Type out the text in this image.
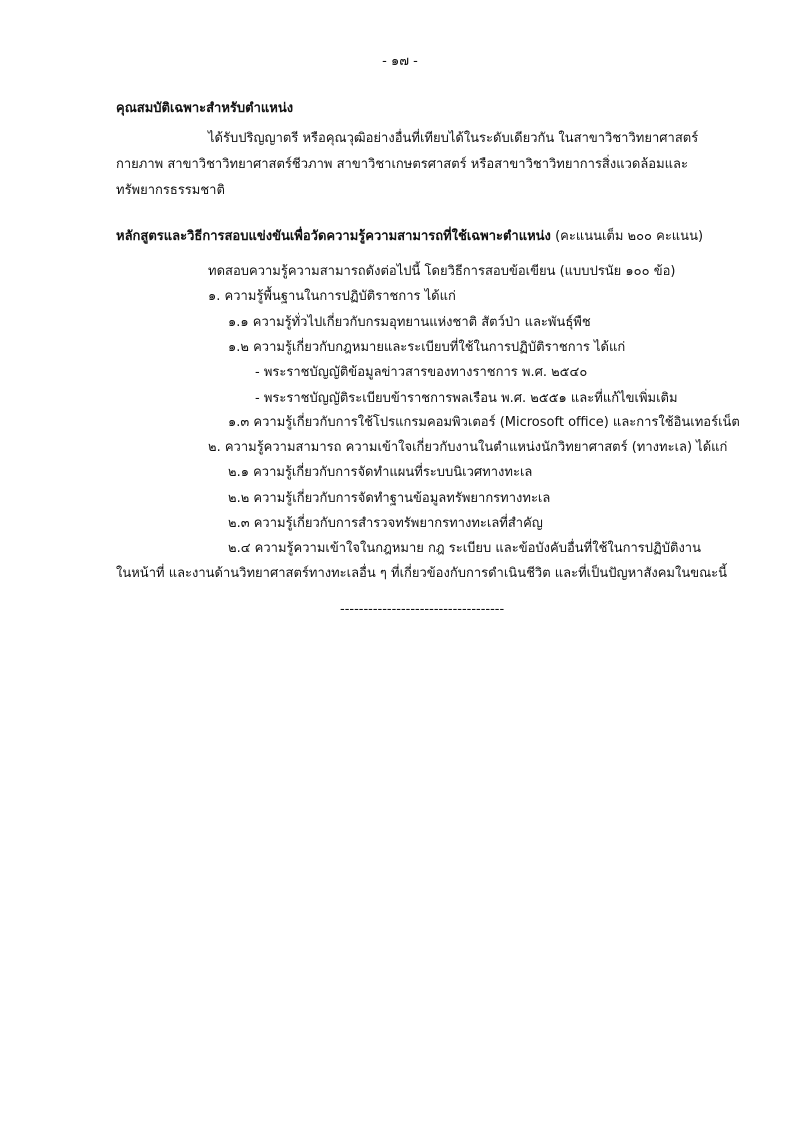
- ๑๗ -
คุณสมบัติเฉพาะสำหรับตำแหน่ง
ได้รับปริญญาตรี หรือคุณวุฒิอย่างอื่นที่เทียบได้ในระดับเดียวกัน ในสาขาวิชาวิทยาศาสตร์
กายภาพ สาขาวิชาวิทยาศาสตร์ชีวภาพ สาขาวิชาเกษตรศาสตร์ หรือสาขาวิชาวิทยาการสิ่งแวดล้อมและ
ทรัพยากรธรรมชาติ
หลักสูตรและวิธีการสอบแข่งขันเพื่อวัดความรู้ความสามารถที่ใช้เฉพาะตำแหน่ง (คะแนนเต็ม ๒๐๐ คะแนน)
ทดสอบความรู้ความสามารถดังต่อไปนี้ โดยวิธีการสอบข้อเขียน (แบบปรนัย ๑๐๐ ข้อ)
๑. ความรู้พื้นฐานในการปฏิบัติราชการ ได้แก่
๑.๑ ความรู้ทั่วไปเกี่ยวกับกรมอุทยานแห่งชาติ สัตว์ป่า และพันธุ์พืช
๑.๒ ความรู้เกี่ยวกับกฎหมายและระเบียบที่ใช้ในการปฏิบัติราชการ ได้แก่
- พระราชบัญญัติข้อมูลข่าวสารของทางราชการ พ.ศ. ๒๕๔๐
- พระราชบัญญัติระเบียบข้าราชการพลเรือน พ.ศ. ๒๕๕๑ และที่แก้ไขเพิ่มเติม
๑.๓ ความรู้เกี่ยวกับการใช้โปรแกรมคอมพิวเตอร์ (Microsoft office) และการใช้อินเทอร์เน็ต
๒. ความรู้ความสามารถ ความเข้าใจเกี่ยวกับงานในตำแหน่งนักวิทยาศาสตร์ (ทางทะเล) ได้แก่
๒.๑ ความรู้เกี่ยวกับการจัดทำแผนที่ระบบนิเวศทางทะเล
๒.๒ ความรู้เกี่ยวกับการจัดทำฐานข้อมูลทรัพยากรทางทะเล
๒.๓ ความรู้เกี่ยวกับการสำรวจทรัพยากรทางทะเลที่สำคัญ
๒.๔ ความรู้ความเข้าใจในกฎหมาย กฎ ระเบียบ และข้อบังคับอื่นที่ใช้ในการปฏิบัติงาน
ในหน้าที่ และงานด้านวิทยาศาสตร์ทางทะเลอื่น ๆ ที่เกี่ยวข้องกับการดำเนินชีวิต และที่เป็นปัญหาสังคมในขณะนี้
-----------------------------------
